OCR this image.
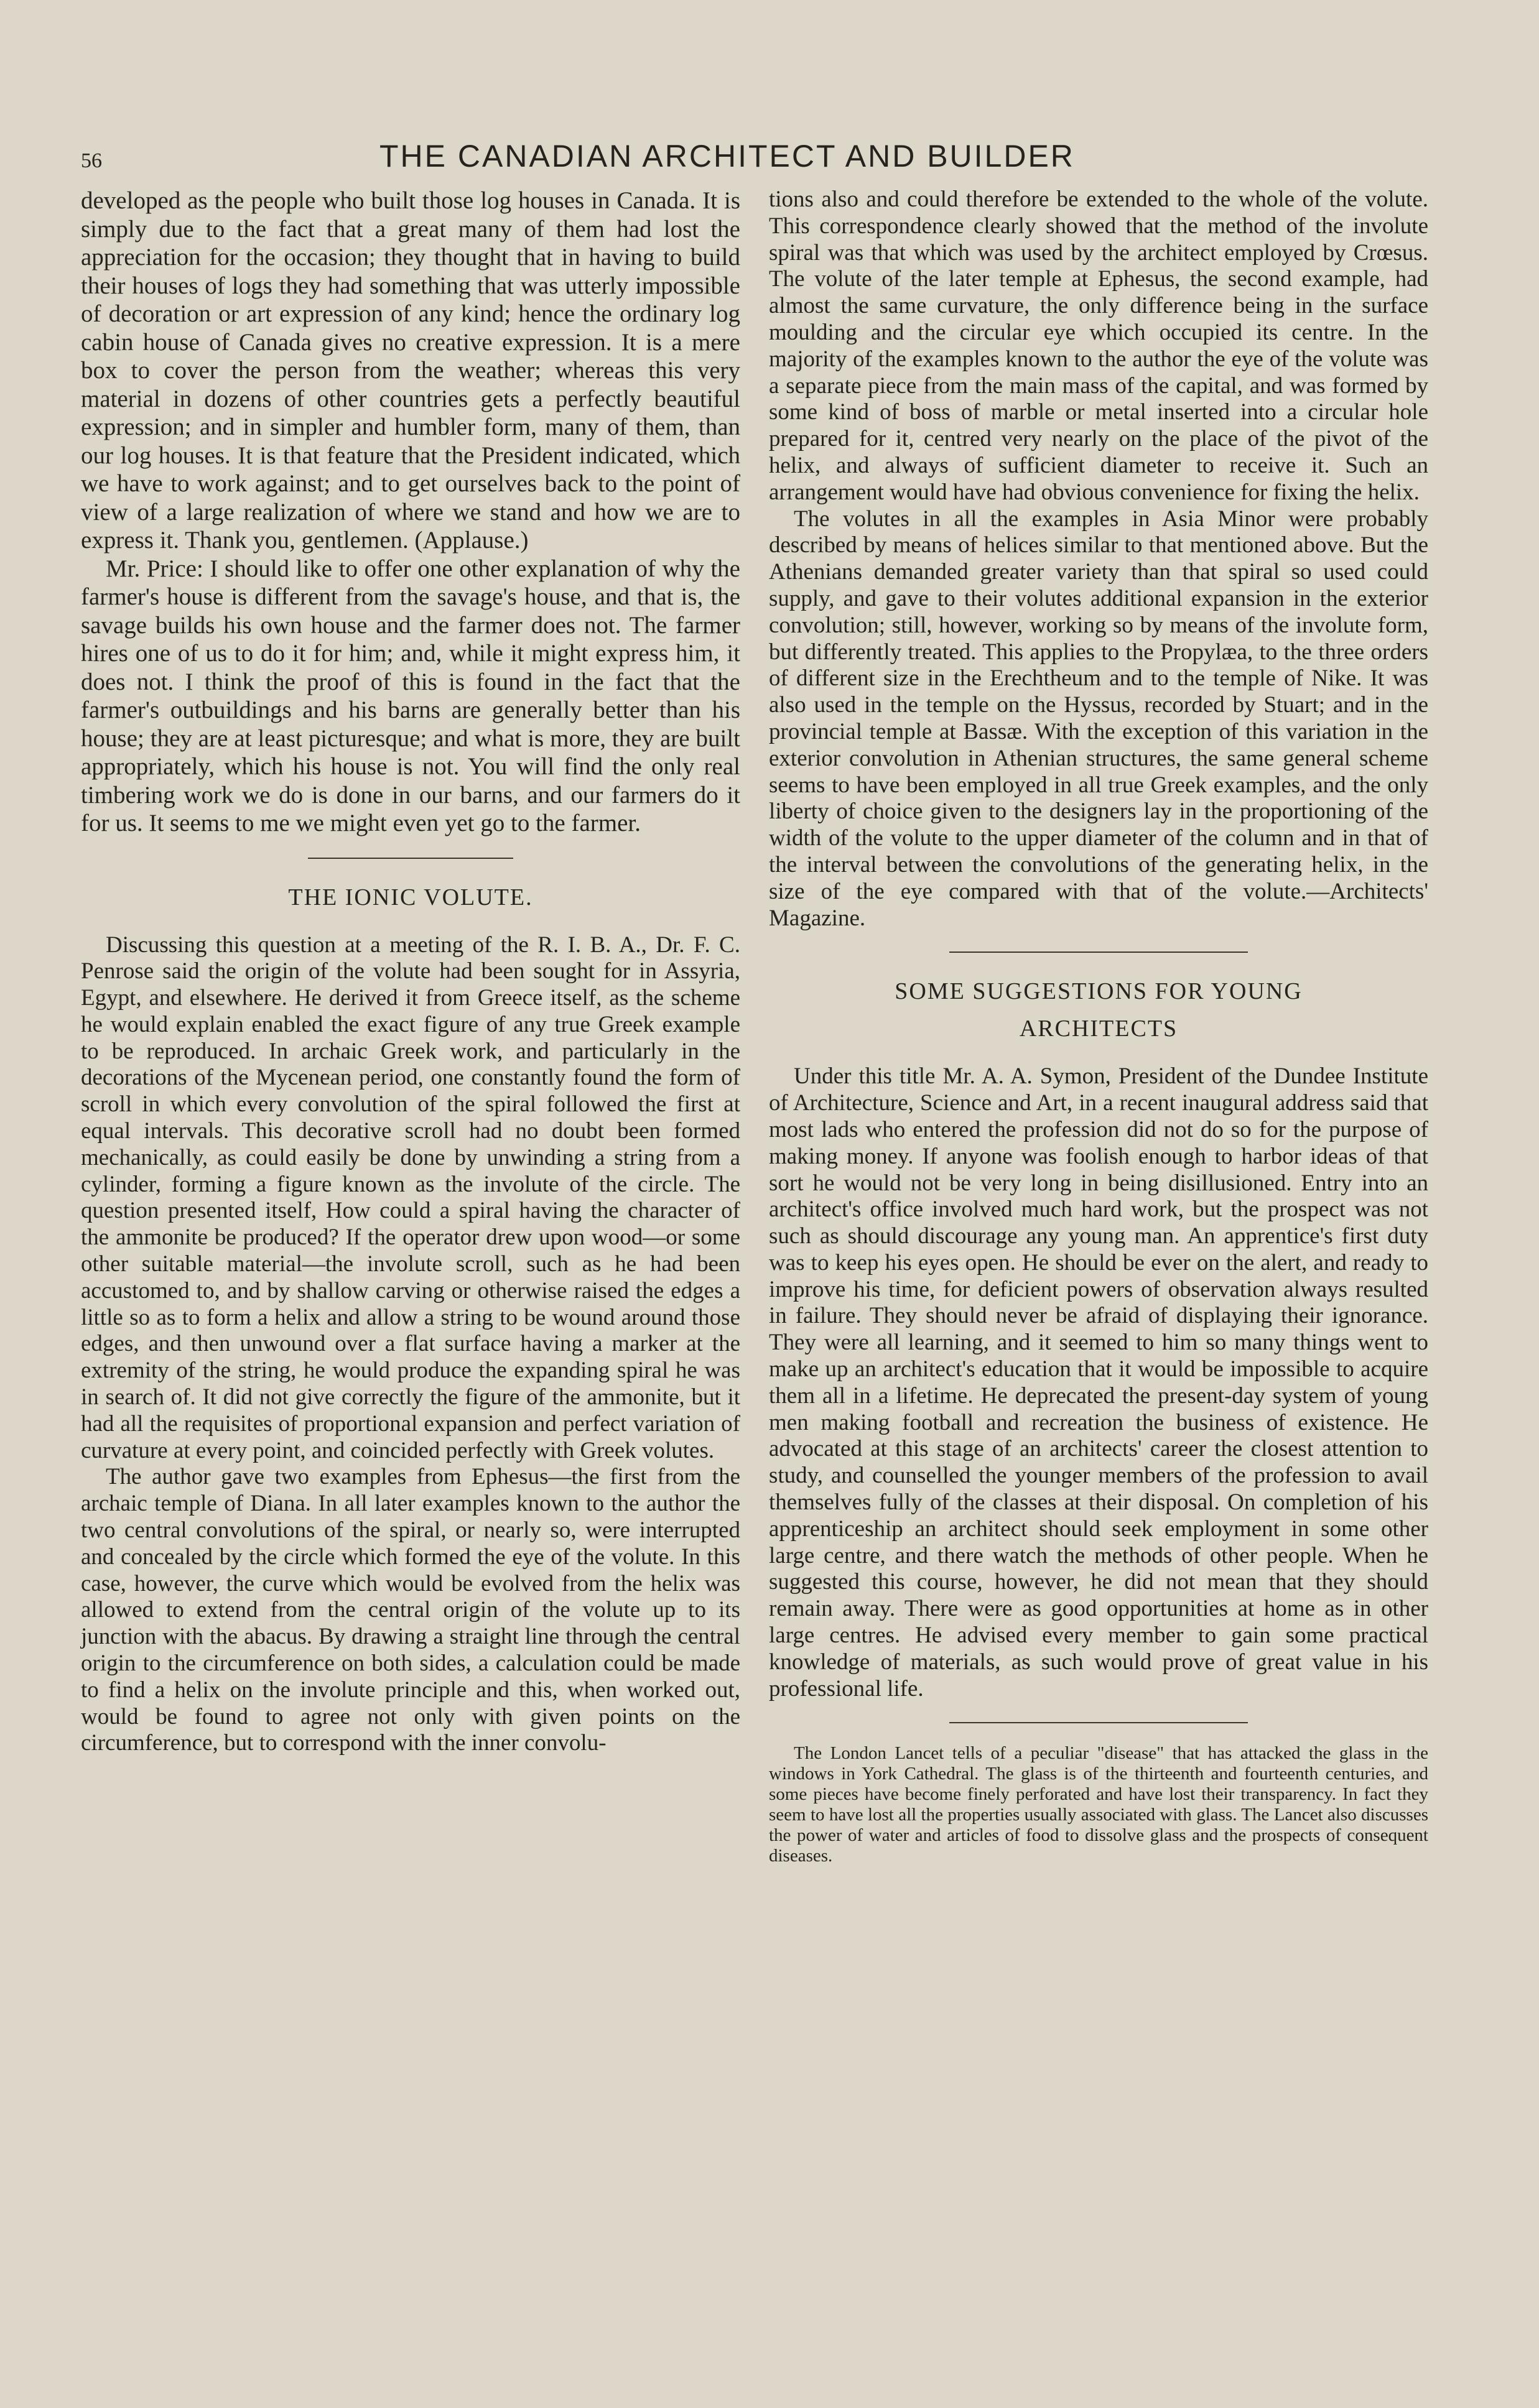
56	THE CANADIAN ARCHITECT AND BUILDER

developed as the people who built those log houses in Canada. It is simply due to the fact that a great many of them had lost the appreciation for the occasion; they thought that in having to build their houses of logs they had something that was utterly impossible of decoration or art expression of any kind; hence the ordinary log cabin house of Canada gives no creative expression. It is a mere box to cover the person from the weather; whereas this very material in dozens of other countries gets a perfectly beautiful expression; and in simpler and humbler form, many of them, than our log houses. It is that feature that the President indicated, which we have to work against; and to get ourselves back to the point of view of a large realization of where we stand and how we are to express it. Thank you, gentlemen. (Applause.)

Mr. Price: I should like to offer one other explanation of why the farmer's house is different from the savage's house, and that is, the savage builds his own house and the farmer does not. The farmer hires one of us to do it for him; and, while it might express him, it does not. I think the proof of this is found in the fact that the farmer's outbuildings and his barns are generally better than his house; they are at least picturesque; and what is more, they are built appropriately, which his house is not. You will find the only real timbering work we do is done in our barns, and our farmers do it for us. It seems to me we might even yet go to the farmer.

THE IONIC VOLUTE.

Discussing this question at a meeting of the R. I. B. A., Dr. F. C. Penrose said the origin of the volute had been sought for in Assyria, Egypt, and elsewhere. He derived it from Greece itself, as the scheme he would explain enabled the exact figure of any true Greek example to be reproduced. In archaic Greek work, and particularly in the decorations of the Mycenean period, one constantly found the form of scroll in which every convolution of the spiral followed the first at equal intervals. This decorative scroll had no doubt been formed mechanically, as could easily be done by unwinding a string from a cylinder, forming a figure known as the involute of the circle. The question presented itself, How could a spiral having the character of the ammonite be produced? If the operator drew upon wood—or some other suitable material—the involute scroll, such as he had been accustomed to, and by shallow carving or otherwise raised the edges a little so as to form a helix and allow a string to be wound around those edges, and then unwound over a flat surface having a marker at the extremity of the string, he would produce the expanding spiral he was in search of. It did not give correctly the figure of the ammonite, but it had all the requisites of proportional expansion and perfect variation of curvature at every point, and coincided perfectly with Greek volutes.

The author gave two examples from Ephesus—the first from the archaic temple of Diana. In all later examples known to the author the two central convolutions of the spiral, or nearly so, were interrupted and concealed by the circle which formed the eye of the volute. In this case, however, the curve which would be evolved from the helix was allowed to extend from the central origin of the volute up to its junction with the abacus. By drawing a straight line through the central origin to the circumference on both sides, a calculation could be made to find a helix on the involute principle and this, when worked out, would be found to agree not only with given points on the circumference, but to correspond with the inner convolu-

tions also and could therefore be extended to the whole of the volute. This correspondence clearly showed that the method of the involute spiral was that which was used by the architect employed by Crœsus. The volute of the later temple at Ephesus, the second example, had almost the same curvature, the only difference being in the surface moulding and the circular eye which occupied its centre. In the majority of the examples known to the author the eye of the volute was a separate piece from the main mass of the capital, and was formed by some kind of boss of marble or metal inserted into a circular hole prepared for it, centred very nearly on the place of the pivot of the helix, and always of sufficient diameter to receive it. Such an arrangement would have had obvious convenience for fixing the helix.

The volutes in all the examples in Asia Minor were probably described by means of helices similar to that mentioned above. But the Athenians demanded greater variety than that spiral so used could supply, and gave to their volutes additional expansion in the exterior convolution; still, however, working so by means of the involute form, but differently treated. This applies to the Propylæa, to the three orders of different size in the Erechtheum and to the temple of Nike. It was also used in the temple on the Hyssus, recorded by Stuart; and in the provincial temple at Bassæ. With the exception of this variation in the exterior convolution in Athenian structures, the same general scheme seems to have been employed in all true Greek examples, and the only liberty of choice given to the designers lay in the proportioning of the width of the volute to the upper diameter of the column and in that of the interval between the convolutions of the generating helix, in the size of the eye compared with that of the volute.—Architects' Magazine.

SOME SUGGESTIONS FOR YOUNG
ARCHITECTS

Under this title Mr. A. A. Symon, President of the Dundee Institute of Architecture, Science and Art, in a recent inaugural address said that most lads who entered the profession did not do so for the purpose of making money. If anyone was foolish enough to harbor ideas of that sort he would not be very long in being disillusioned. Entry into an architect's office involved much hard work, but the prospect was not such as should discourage any young man. An apprentice's first duty was to keep his eyes open. He should be ever on the alert, and ready to improve his time, for deficient powers of observation always resulted in failure. They should never be afraid of displaying their ignorance. They were all learning, and it seemed to him so many things went to make up an architect's education that it would be impossible to acquire them all in a lifetime. He deprecated the present-day system of young men making football and recreation the business of existence. He advocated at this stage of an architects' career the closest attention to study, and counselled the younger members of the profession to avail themselves fully of the classes at their disposal. On completion of his apprenticeship an architect should seek employment in some other large centre, and there watch the methods of other people. When he suggested this course, however, he did not mean that they should remain away. There were as good opportunities at home as in other large centres. He advised every member to gain some practical knowledge of materials, as such would prove of great value in his professional life.

The London Lancet tells of a peculiar "disease" that has attacked the glass in the windows in York Cathedral. The glass is of the thirteenth and fourteenth centuries, and some pieces have become finely perforated and have lost their transparency. In fact they seem to have lost all the properties usually associated with glass. The Lancet also discusses the power of water and articles of food to dissolve glass and the prospects of consequent diseases.
